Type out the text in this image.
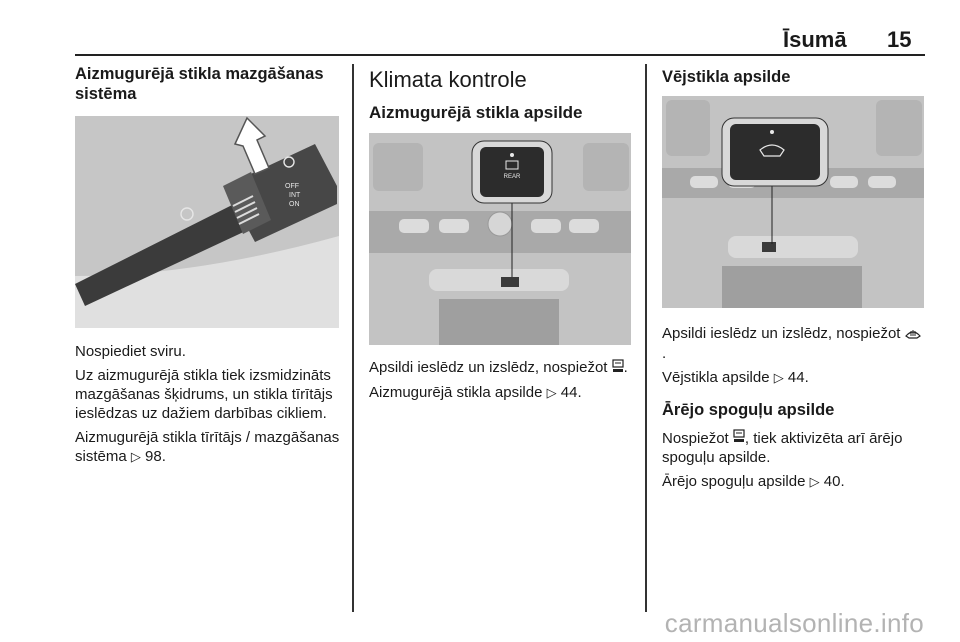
Īsumā 15
Aizmugurējā stikla mazgāšanas sistēma
OFF
INT
ON

Nospiediet sviru.

Uz aizmugurējā stikla tiek izsmidzināts mazgāšanas šķidrums, un stikla tīrītājs ieslēdzas uz dažiem darbības cikliem.

Aizmugurējā stikla tīrītājs / mazgāšanas sistēma ▷ 98.

Klimata kontrole
Aizmugurējā stikla apsilde
REAR

Apsildi ieslēdz un izslēdz, nospiežot .

Aizmugurējā stikla apsilde ▷ 44.

Vējstikla apsilde

Apsildi ieslēdz un izslēdz, nospiežot .

Vējstikla apsilde ▷ 44.

Ārējo spoguļu apsilde

Nospiežot , tiek aktivizēta arī ārējo spoguļu apsilde.

Ārējo spoguļu apsilde ▷ 40.

carmanualsonline.info
